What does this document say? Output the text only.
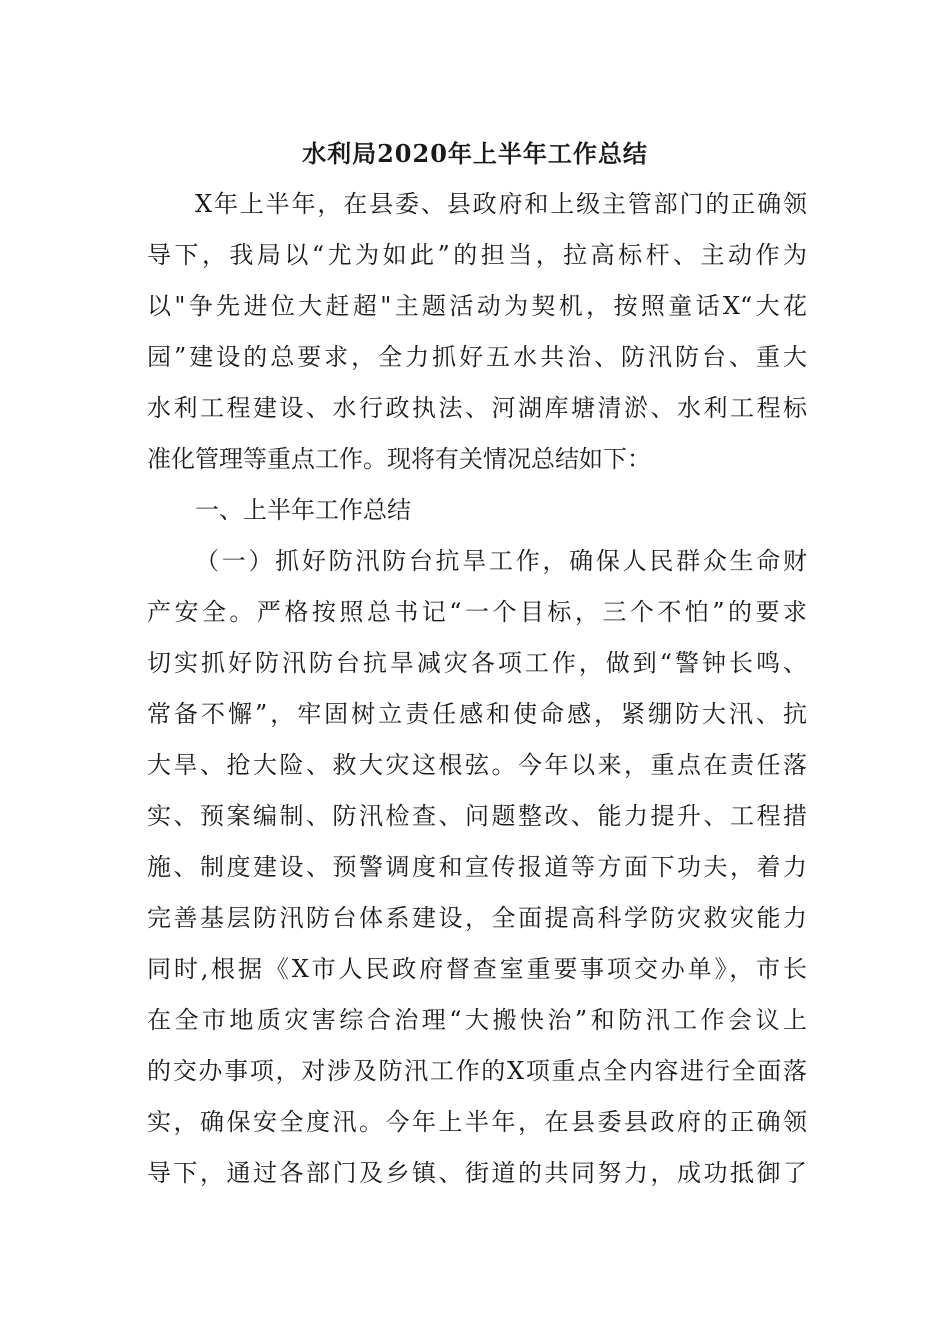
水利局2020年上半年工作总结
X年上半年，在县委、县政府和上级主管部门的正确领
导下，我局以“尤为如此”的担当，拉高标杆、主动作为
以"争先进位大赶超"主题活动为契机，按照童话X“大花
园”建设的总要求，全力抓好五水共治、防汛防台、重大
水利工程建设、水行政执法、河湖库塘清淤、水利工程标
准化管理等重点工作。现将有关情况总结如下：
一、上半年工作总结
（一）抓好防汛防台抗旱工作，确保人民群众生命财
产安全。严格按照总书记“一个目标，三个不怕”的要求
切实抓好防汛防台抗旱减灾各项工作，做到“警钟长鸣、
常备不懈”，牢固树立责任感和使命感，紧绷防大汛、抗
大旱、抢大险、救大灾这根弦。今年以来，重点在责任落
实、预案编制、防汛检查、问题整改、能力提升、工程措
施、制度建设、预警调度和宣传报道等方面下功夫，着力
完善基层防汛防台体系建设，全面提高科学防灾救灾能力
同时,根据《X市人民政府督查室重要事项交办单》，市长
在全市地质灾害综合治理“大搬快治”和防汛工作会议上
的交办事项，对涉及防汛工作的X项重点全内容进行全面落
实，确保安全度汛。今年上半年，在县委县政府的正确领
导下，通过各部门及乡镇、街道的共同努力，成功抵御了
